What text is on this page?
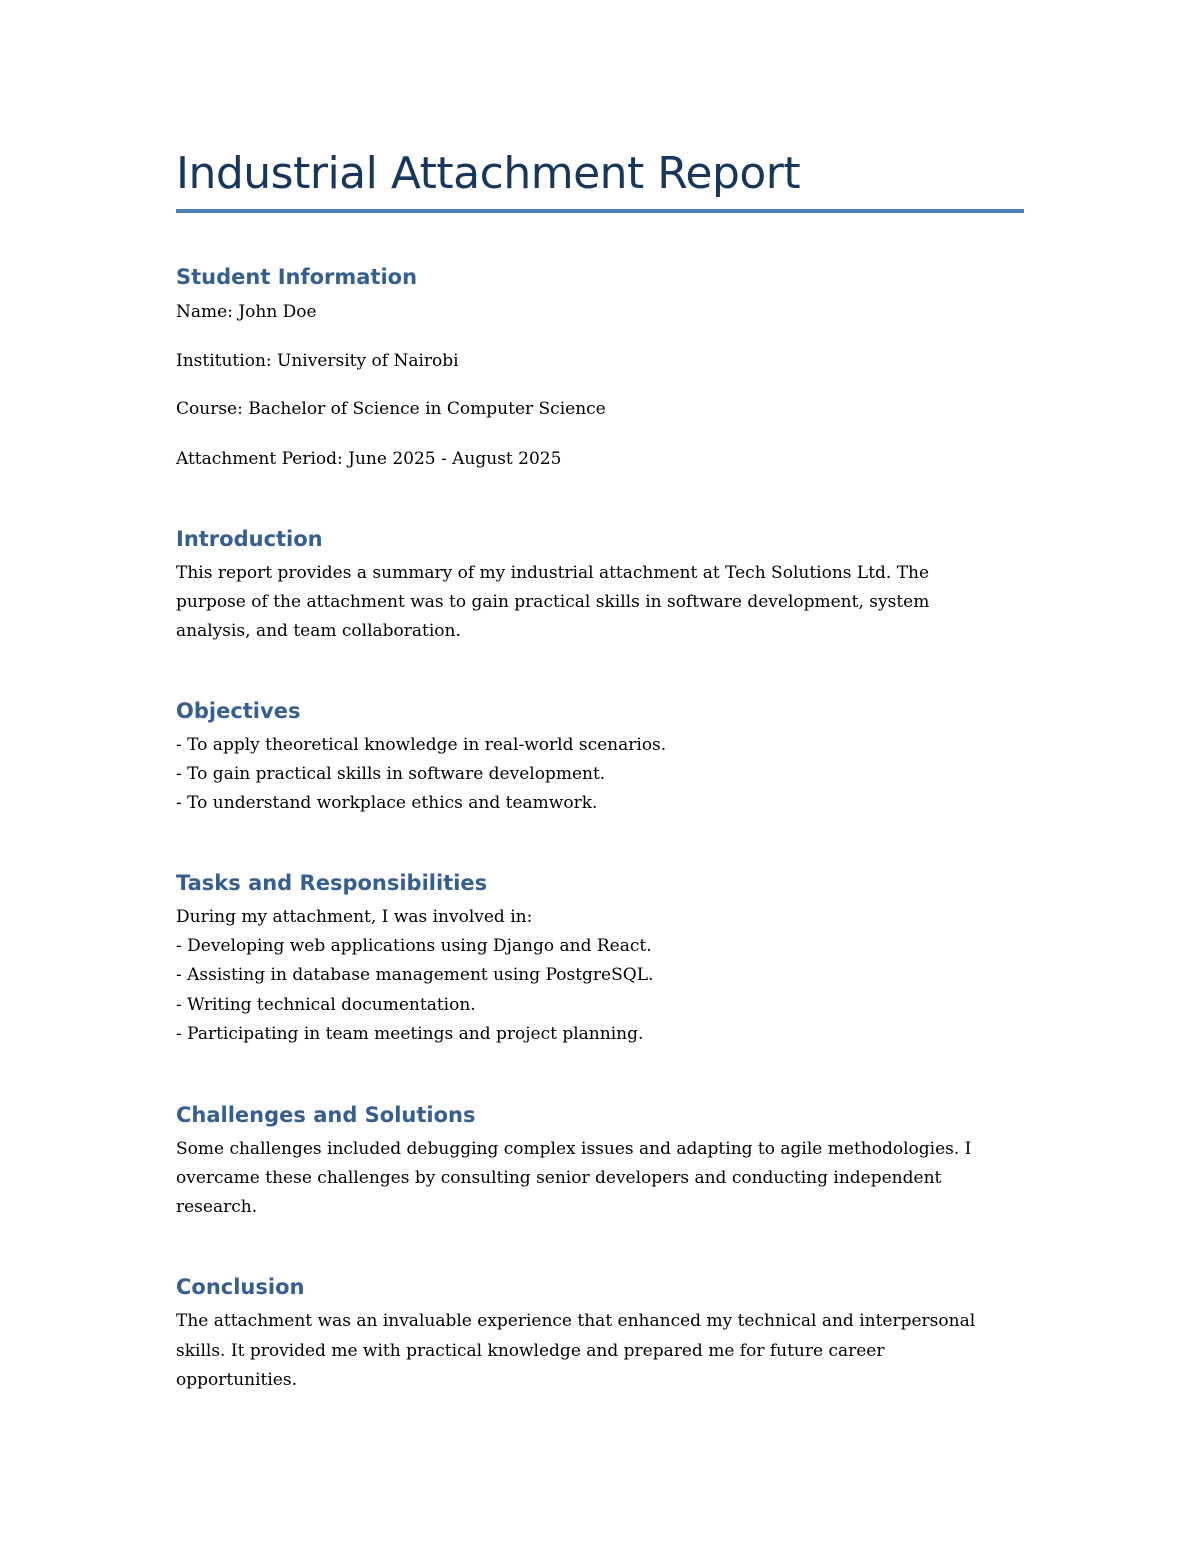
Industrial Attachment Report
Student Information

Name: John Doe

Institution: University of Nairobi

Course: Bachelor of Science in Computer Science

Attachment Period: June 2025 - August 2025

Introduction

This report provides a summary of my industrial attachment at Tech Solutions Ltd. The

purpose of the attachment was to gain practical skills in software development, system

analysis, and team collaboration.

Objectives

- To apply theoretical knowledge in real-world scenarios.

- To gain practical skills in software development.

- To understand workplace ethics and teamwork.

Tasks and Responsibilities

During my attachment, I was involved in:

- Developing web applications using Django and React.

- Assisting in database management using PostgreSQL.

- Writing technical documentation.

- Participating in team meetings and project planning.

Challenges and Solutions

Some challenges included debugging complex issues and adapting to agile methodologies. I

overcame these challenges by consulting senior developers and conducting independent

research.

Conclusion

The attachment was an invaluable experience that enhanced my technical and interpersonal

skills. It provided me with practical knowledge and prepared me for future career

opportunities.
